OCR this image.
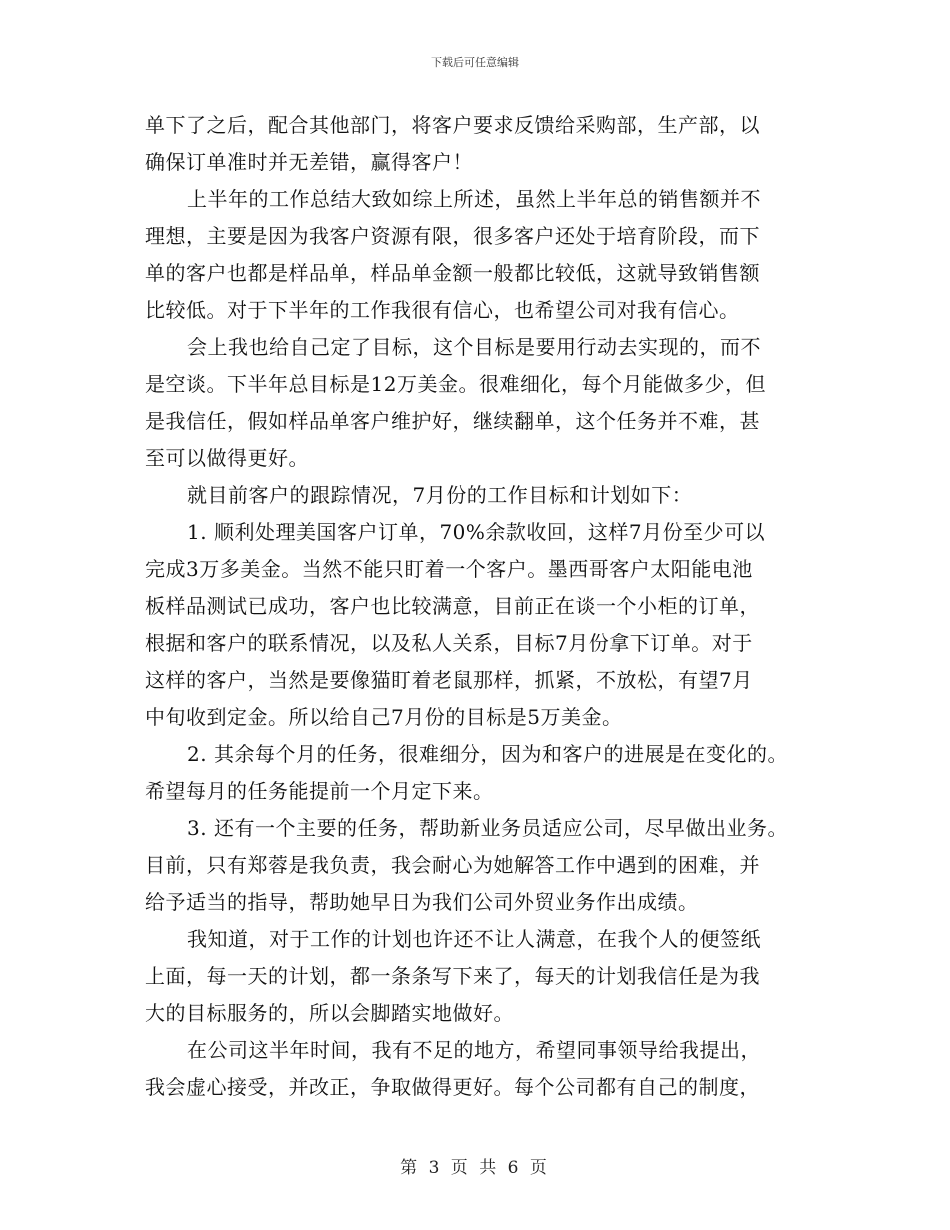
下载后可任意编辑
单下了之后，配合其他部门，将客户要求反馈给采购部，生产部，以
确保订单准时并无差错，赢得客户！
上半年的工作总结大致如综上所述，虽然上半年总的销售额并不
理想，主要是因为我客户资源有限，很多客户还处于培育阶段，而下
单的客户也都是样品单，样品单金额一般都比较低，这就导致销售额
比较低。对于下半年的工作我很有信心，也希望公司对我有信心。
会上我也给自己定了目标，这个目标是要用行动去实现的，而不
是空谈。下半年总目标是12万美金。很难细化，每个月能做多少，但
是我信任，假如样品单客户维护好，继续翻单，这个任务并不难，甚
至可以做得更好。
就目前客户的跟踪情况，7月份的工作目标和计划如下：
1. 顺利处理美国客户订单，70%余款收回，这样7月份至少可以
完成3万多美金。当然不能只盯着一个客户。墨西哥客户太阳能电池
板样品测试已成功，客户也比较满意，目前正在谈一个小柜的订单，
根据和客户的联系情况，以及私人关系，目标7月份拿下订单。对于
这样的客户，当然是要像猫盯着老鼠那样，抓紧，不放松，有望7月
中旬收到定金。所以给自己7月份的目标是5万美金。
2. 其余每个月的任务，很难细分，因为和客户的进展是在变化的。
希望每月的任务能提前一个月定下来。
3. 还有一个主要的任务，帮助新业务员适应公司，尽早做出业务。
目前，只有郑蓉是我负责，我会耐心为她解答工作中遇到的困难，并
给予适当的指导，帮助她早日为我们公司外贸业务作出成绩。
我知道，对于工作的计划也许还不让人满意，在我个人的便签纸
上面，每一天的计划，都一条条写下来了，每天的计划我信任是为我
大的目标服务的，所以会脚踏实地做好。
在公司这半年时间，我有不足的地方，希望同事领导给我提出，
我会虚心接受，并改正，争取做得更好。每个公司都有自己的制度，
第 3 页 共 6 页
